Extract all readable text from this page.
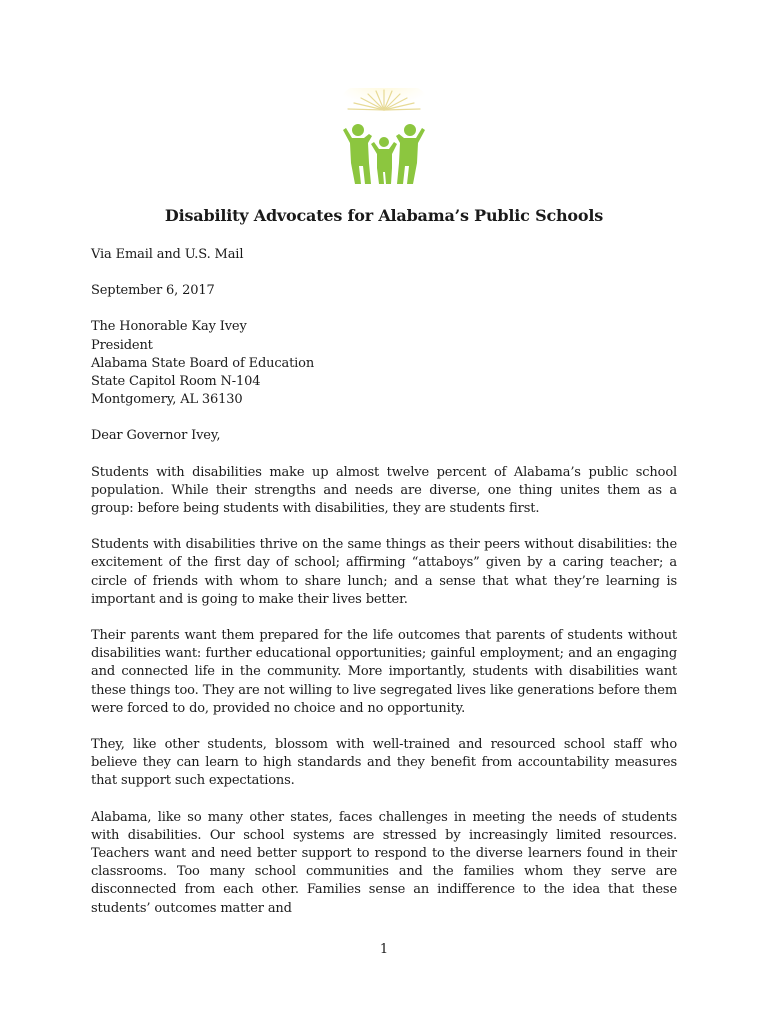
Disability Advocates for Alabama’s Public Schools

Via Email and U.S. Mail

September 6, 2017

The Honorable Kay Ivey

President

Alabama State Board of Education

State Capitol Room N-104

Montgomery, AL 36130

Dear Governor Ivey,

Students with disabilities make up almost twelve percent of Alabama’s public school population. While their strengths and needs are diverse, one thing unites them as a group: before being students with disabilities, they are students first.

Students with disabilities thrive on the same things as their peers without disabilities: the excitement of the first day of school; affirming “attaboys” given by a caring teacher; a circle of friends with whom to share lunch; and a sense that what they’re learning is important and is going to make their lives better.

Their parents want them prepared for the life outcomes that parents of students without disabilities want: further educational opportunities; gainful employment; and an engaging and connected life in the community. More importantly, students with disabilities want these things too. They are not willing to live segregated lives like generations before them were forced to do, provided no choice and no opportunity.

They, like other students, blossom with well-trained and resourced school staff who believe they can learn to high standards and they benefit from accountability measures that support such expectations.

Alabama, like so many other states, faces challenges in meeting the needs of students with disabilities. Our school systems are stressed by increasingly limited resources. Teachers want and need better support to respond to the diverse learners found in their classrooms. Too many school communities and the families whom they serve are disconnected from each other. Families sense an indifference to the idea that these students’ outcomes matter and

1
